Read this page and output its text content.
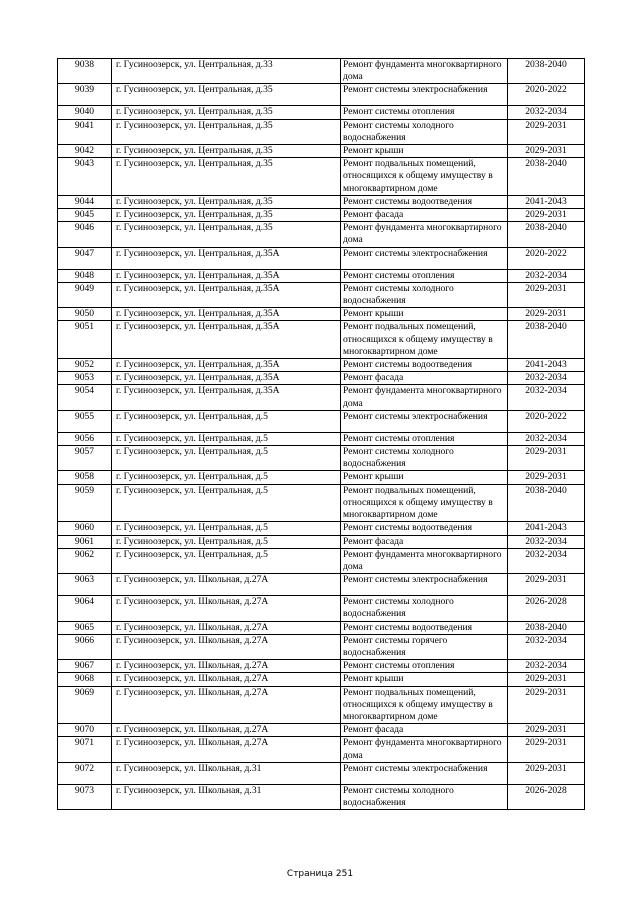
9038	г. Гусиноозерск, ул. Центральная, д.33	Ремонт фундамента многоквартирного дома	2038-2040
9039	г. Гусиноозерск, ул. Центральная, д.35	Ремонт системы электроснабжения	2020-2022
9040	г. Гусиноозерск, ул. Центральная, д.35	Ремонт системы отопления	2032-2034
9041	г. Гусиноозерск, ул. Центральная, д.35	Ремонт системы холодного водоснабжения	2029-2031
9042	г. Гусиноозерск, ул. Центральная, д.35	Ремонт крыши	2029-2031
9043	г. Гусиноозерск, ул. Центральная, д.35	Ремонт подвальных помещений, относящихся к общему имуществу в многоквартирном доме	2038-2040
9044	г. Гусиноозерск, ул. Центральная, д.35	Ремонт системы водоотведения	2041-2043
9045	г. Гусиноозерск, ул. Центральная, д.35	Ремонт фасада	2029-2031
9046	г. Гусиноозерск, ул. Центральная, д.35	Ремонт фундамента многоквартирного дома	2038-2040
9047	г. Гусиноозерск, ул. Центральная, д.35А	Ремонт системы электроснабжения	2020-2022
9048	г. Гусиноозерск, ул. Центральная, д.35А	Ремонт системы отопления	2032-2034
9049	г. Гусиноозерск, ул. Центральная, д.35А	Ремонт системы холодного водоснабжения	2029-2031
9050	г. Гусиноозерск, ул. Центральная, д.35А	Ремонт крыши	2029-2031
9051	г. Гусиноозерск, ул. Центральная, д.35А	Ремонт подвальных помещений, относящихся к общему имуществу в многоквартирном доме	2038-2040
9052	г. Гусиноозерск, ул. Центральная, д.35А	Ремонт системы водоотведения	2041-2043
9053	г. Гусиноозерск, ул. Центральная, д.35А	Ремонт фасада	2032-2034
9054	г. Гусиноозерск, ул. Центральная, д.35А	Ремонт фундамента многоквартирного дома	2032-2034
9055	г. Гусиноозерск, ул. Центральная, д.5	Ремонт системы электроснабжения	2020-2022
9056	г. Гусиноозерск, ул. Центральная, д.5	Ремонт системы отопления	2032-2034
9057	г. Гусиноозерск, ул. Центральная, д.5	Ремонт системы холодного водоснабжения	2029-2031
9058	г. Гусиноозерск, ул. Центральная, д.5	Ремонт крыши	2029-2031
9059	г. Гусиноозерск, ул. Центральная, д.5	Ремонт подвальных помещений, относящихся к общему имуществу в многоквартирном доме	2038-2040
9060	г. Гусиноозерск, ул. Центральная, д.5	Ремонт системы водоотведения	2041-2043
9061	г. Гусиноозерск, ул. Центральная, д.5	Ремонт фасада	2032-2034
9062	г. Гусиноозерск, ул. Центральная, д.5	Ремонт фундамента многоквартирного дома	2032-2034
9063	г. Гусиноозерск, ул. Школьная, д.27А	Ремонт системы электроснабжения	2029-2031
9064	г. Гусиноозерск, ул. Школьная, д.27А	Ремонт системы холодного водоснабжения	2026-2028
9065	г. Гусиноозерск, ул. Школьная, д.27А	Ремонт системы водоотведения	2038-2040
9066	г. Гусиноозерск, ул. Школьная, д.27А	Ремонт системы горячего водоснабжения	2032-2034
9067	г. Гусиноозерск, ул. Школьная, д.27А	Ремонт системы отопления	2032-2034
9068	г. Гусиноозерск, ул. Школьная, д.27А	Ремонт крыши	2029-2031
9069	г. Гусиноозерск, ул. Школьная, д.27А	Ремонт подвальных помещений, относящихся к общему имуществу в многоквартирном доме	2029-2031
9070	г. Гусиноозерск, ул. Школьная, д.27А	Ремонт фасада	2029-2031
9071	г. Гусиноозерск, ул. Школьная, д.27А	Ремонт фундамента многоквартирного дома	2029-2031
9072	г. Гусиноозерск, ул. Школьная, д.31	Ремонт системы электроснабжения	2029-2031
9073	г. Гусиноозерск, ул. Школьная, д.31	Ремонт системы холодного водоснабжения	2026-2028
Страница 251
